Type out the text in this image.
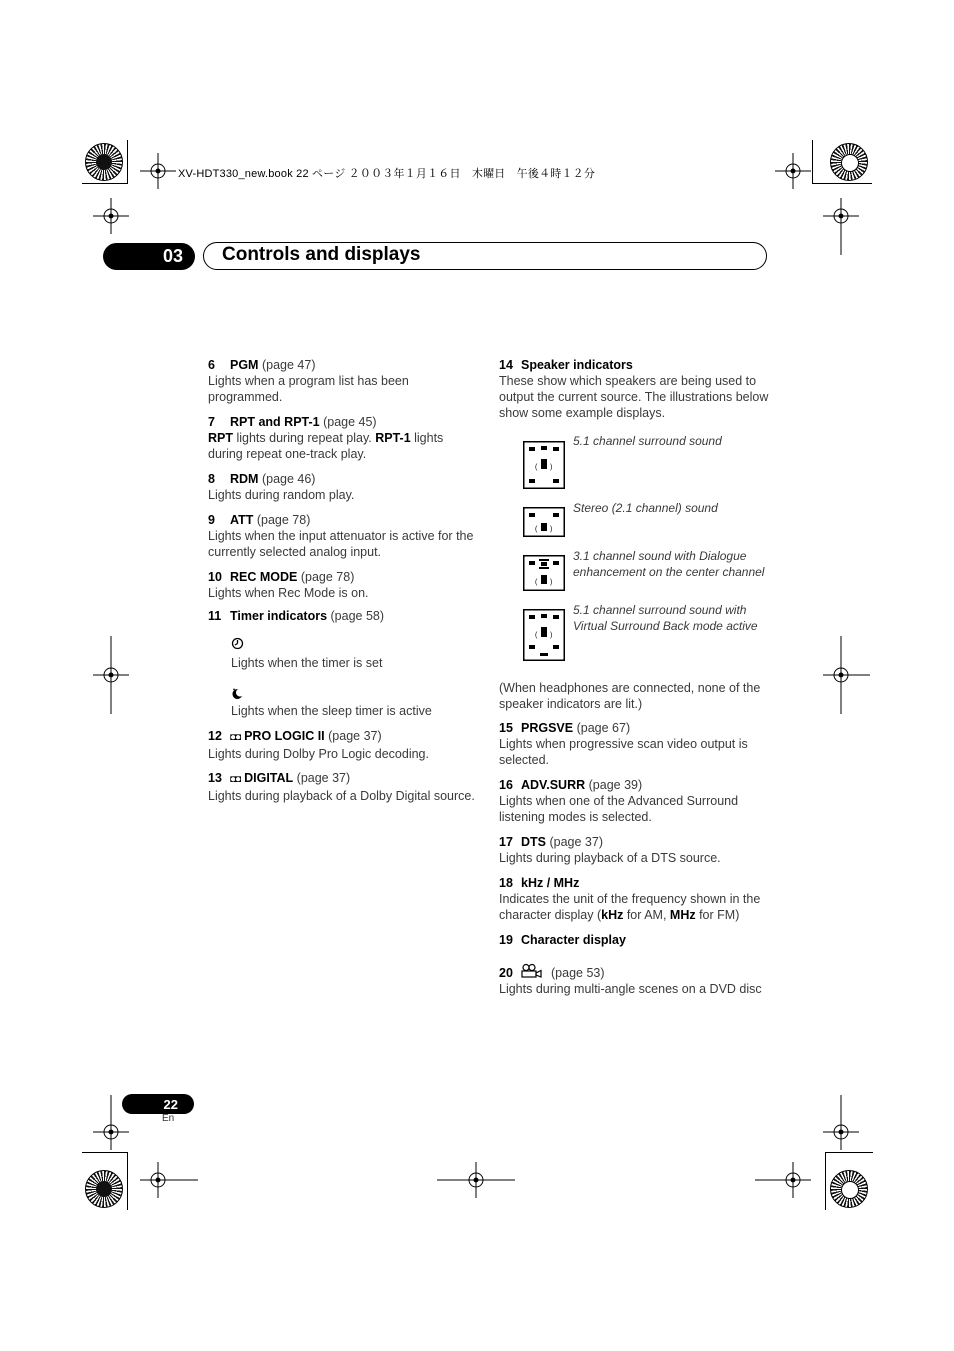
XV-HDT330_new.book 22 ページ ２００３年１月１６日　木曜日　午後４時１２分
03 Controls and displays

6 PGM (page 47)

Lights when a program list has been programmed.

7 RPT and RPT-1 (page 45)

RPT lights during repeat play. RPT-1 lights during repeat one-track play.

8 RDM (page 46)

Lights during random play.

9 ATT (page 78)

Lights when the input attenuator is active for the currently selected analog input.

10 REC MODE (page 78)

Lights when Rec Mode is on.

11 Timer indicators (page 58)

Lights when the timer is set

Lights when the sleep timer is active

12 ◘◘ PRO LOGIC II (page 37)

Lights during Dolby Pro Logic decoding.

13 ◘◘ DIGITAL (page 37)

Lights during playback of a Dolby Digital source.

14 Speaker indicators

These show which speakers are being used to output the current source. The illustrations below show some example displays.

( )
5.1 channel surround sound
( )
Stereo (2.1 channel) sound
( )
3.1 channel sound with Dialogue enhancement on the center channel
( )
5.1 channel surround sound with Virtual Surround Back mode active

(When headphones are connected, none of the speaker indicators are lit.)

15 PRGSVE (page 67)

Lights when progressive scan video output is selected.

16 ADV.SURR (page 39)

Lights when one of the Advanced Surround listening modes is selected.

17 DTS (page 37)

Lights during playback of a DTS source.

18 kHz / MHz

Indicates the unit of the frequency shown in the character display (kHz for AM, MHz for FM)

19 Character display

20	(page 53)

Lights during multi-angle scenes on a DVD disc

22
En
